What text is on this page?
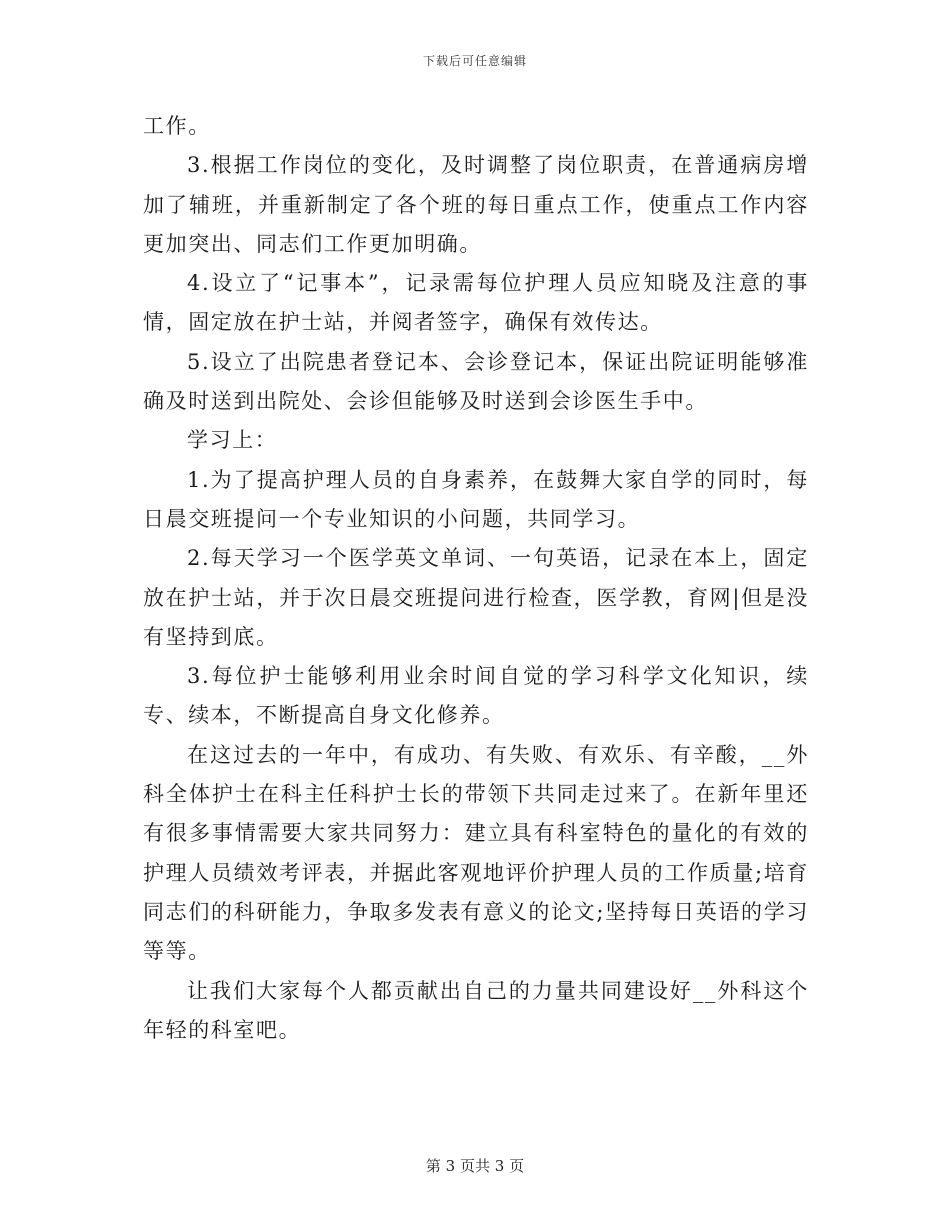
下载后可任意编辑

工作。

3.根据工作岗位的变化，及时调整了岗位职责，在普通病房增加了辅班，并重新制定了各个班的每日重点工作，使重点工作内容更加突出、同志们工作更加明确。

4.设立了“记事本”，记录需每位护理人员应知晓及注意的事情，固定放在护士站，并阅者签字，确保有效传达。

5.设立了出院患者登记本、会诊登记本，保证出院证明能够准确及时送到出院处、会诊但能够及时送到会诊医生手中。

学习上：

1.为了提高护理人员的自身素养，在鼓舞大家自学的同时，每日晨交班提问一个专业知识的小问题，共同学习。

2.每天学习一个医学英文单词、一句英语，记录在本上，固定放在护士站，并于次日晨交班提问进行检查，医学教，育网|但是没有坚持到底。

3.每位护士能够利用业余时间自觉的学习科学文化知识，续专、续本，不断提高自身文化修养。

在这过去的一年中，有成功、有失败、有欢乐、有辛酸，__外科全体护士在科主任科护士长的带领下共同走过来了。在新年里还有很多事情需要大家共同努力：建立具有科室特色的量化的有效的护理人员绩效考评表，并据此客观地评价护理人员的工作质量;培育同志们的科研能力，争取多发表有意义的论文;坚持每日英语的学习等等。

让我们大家每个人都贡献出自己的力量共同建设好__外科这个年轻的科室吧。

第 3 页共 3 页
